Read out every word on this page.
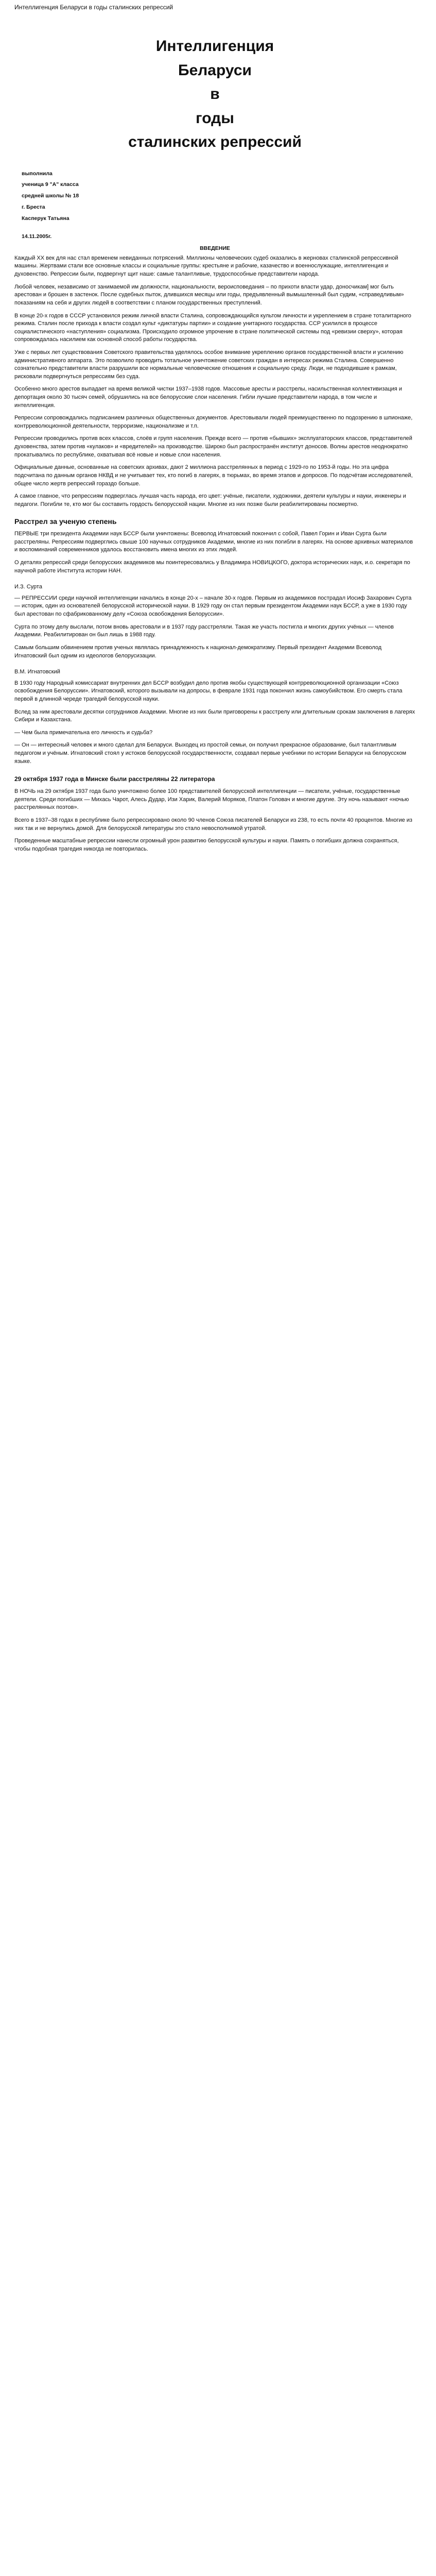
Интеллигенция Беларуси в годы сталинских репрессий
Интеллигенция
Беларуси
в
годы
сталинских репрессий
выполнила
ученица 9 "А" класса
средней школы № 18
г. Бреста
Касперук Татьяна
14.11.2005г.
ВВЕДЕНИЕ

Каждый ХХ век для нас стал временем невиданных потрясений. Миллионы человеческих судеб оказались в жерновах сталинской репрессивной машины. Жертвами стали все основные классы и социальные группы: крестьяне и рабочие, казачество и военнослужащие, интеллигенция и духовенство. Репрессии были, подвергнут щит наше: самые талантливые, трудоспособные представители народа.

Любой человек, независимо от занимаемой им должности, национальности, вероисповедания – по прихоти власти удар, доносчикам] мог быть арестован и брошен в застенок. После судебных пыток, длившихся месяцы или годы, предъявленный вымышленный был судим, «справедливым» показаниям на себя и других людей в соответствии с планом государственных преступлений.

В конце 20-х годов в СССР установился режим личной власти Сталина, сопровождающийся культом личности и укреплением в стране тоталитарного режима. Сталин после прихода к власти создал культ «диктатуры партии» и создание унитарного государства. ССР усилился в процессе социалистического «наступления» социализма. Происходило огромное упрочение в стране политической системы под «ревизии сверху», которая сопровождалась насилием как основной способ работы государства.

Уже с первых лет существования Советского правительства уделялось особое внимание укреплению органов государственной власти и усилению административного аппарата. Это позволило проводить тотальное уничтожение советских граждан в интересах режима Сталина. Совершенно сознательно представители власти разрушили все нормальные человеческие отношения и социальную среду. Люди, не подходившие к рамкам, рисковали подвергнуться репрессиям без суда.

Особенно много арестов выпадает на время великой чистки 1937–1938 годов. Массовые аресты и расстрелы, насильственная коллективизация и депортация около 30 тысяч семей, обрушились на все белорусские слои населения. Гибли лучшие представители народа, в том числе и интеллигенция.

Репрессии сопровождались подписанием различных общественных документов. Арестовывали людей преимущественно по подозрению в шпионаже, контрреволюционной деятельности, терроризме, национализме и т.п.

Репрессии проводились против всех классов, слоёв и групп населения. Прежде всего — против «бывших» эксплуататорских классов, представителей духовенства, затем против «кулаков» и «вредителей» на производстве. Широко был распространён институт доносов. Волны арестов неоднократно прокатывались по республике, охватывая всё новые и новые слои населения.

Официальные данные, основанные на советских архивах, дают 2 миллиона расстрелянных в период с 1929-го по 1953-й годы. Но эта цифра подсчитана по данным органов НКВД и не учитывает тех, кто погиб в лагерях, в тюрьмах, во время этапов и допросов. По подсчётам исследователей, общее число жертв репрессий гораздо больше.

А самое главное, что репрессиям подверглась лучшая часть народа, его цвет: учёные, писатели, художники, деятели культуры и науки, инженеры и педагоги. Погибли те, кто мог бы составить гордость белорусской нации. Многие из них позже были реабилитированы посмертно.

Расстрел за ученую степень

ПЕРВЫЕ три президента Академии наук БССР были уничтожены: Всеволод Игнатовский покончил с собой, Павел Горин и Иван Сурта были расстреляны. Репрессиям подверглись свыше 100 научных сотрудников Академии, многие из них погибли в лагерях. На основе архивных материалов и воспоминаний современников удалось восстановить имена многих из этих людей.

О деталях репрессий среди белорусских академиков мы поинтересовались у Владимира НОВИЦКОГО, доктора исторических наук, и.о. секретаря по научной работе Института истории НАН.

И.З. Сурта

— РЕПРЕССИИ среди научной интеллигенции начались в конце 20-х – начале 30-х годов. Первым из академиков пострадал Иосиф Захарович Сурта — историк, один из основателей белорусской исторической науки. В 1929 году он стал первым президентом Академии наук БССР, а уже в 1930 году был арестован по сфабрикованному делу «Союза освобождения Белоруссии».

Сурта по этому делу выслали, потом вновь арестовали и в 1937 году расстреляли. Такая же участь постигла и многих других учёных — членов Академии. Реабилитирован он был лишь в 1988 году.

Самым большим обвинением против ученых являлась принадлежность к национал-демократизму. Первый президент Академии Всеволод Игнатовский был одним из идеологов белорусизации.

В.М. Игнатовский

В 1930 году Народный комиссариат внутренних дел БССР возбудил дело против якобы существующей контрреволюционной организации «Союз освобождения Белоруссии». Игнатовский, которого вызывали на допросы, в феврале 1931 года покончил жизнь самоубийством. Его смерть стала первой в длинной череде трагедий белорусской науки.

Вслед за ним арестовали десятки сотрудников Академии. Многие из них были приговорены к расстрелу или длительным срокам заключения в лагерях Сибири и Казахстана.

— Чем была примечательна его личность и судьба?

— Он — интересный человек и много сделал для Беларуси. Выходец из простой семьи, он получил прекрасное образование, был талантливым педагогом и учёным. Игнатовский стоял у истоков белорусской государственности, создавал первые учебники по истории Беларуси на белорусском языке.

29 октября 1937 года в Минске были расстреляны 22 литератора

В НОЧЬ на 29 октября 1937 года было уничтожено более 100 представителей белорусской интеллигенции — писатели, учёные, государственные деятели. Среди погибших — Михась Чарот, Алесь Дудар, Изи Харик, Валерий Моряков, Платон Головач и многие другие. Эту ночь называют «ночью расстрелянных поэтов».

Всего в 1937–38 годах в республике было репрессировано около 90 членов Союза писателей Беларуси из 238, то есть почти 40 процентов. Многие из них так и не вернулись домой. Для белорусской литературы это стало невосполнимой утратой.

Проведенные масштабные репрессии нанесли огромный урон развитию белорусской культуры и науки. Память о погибших должна сохраняться, чтобы подобная трагедия никогда не повторилась.
